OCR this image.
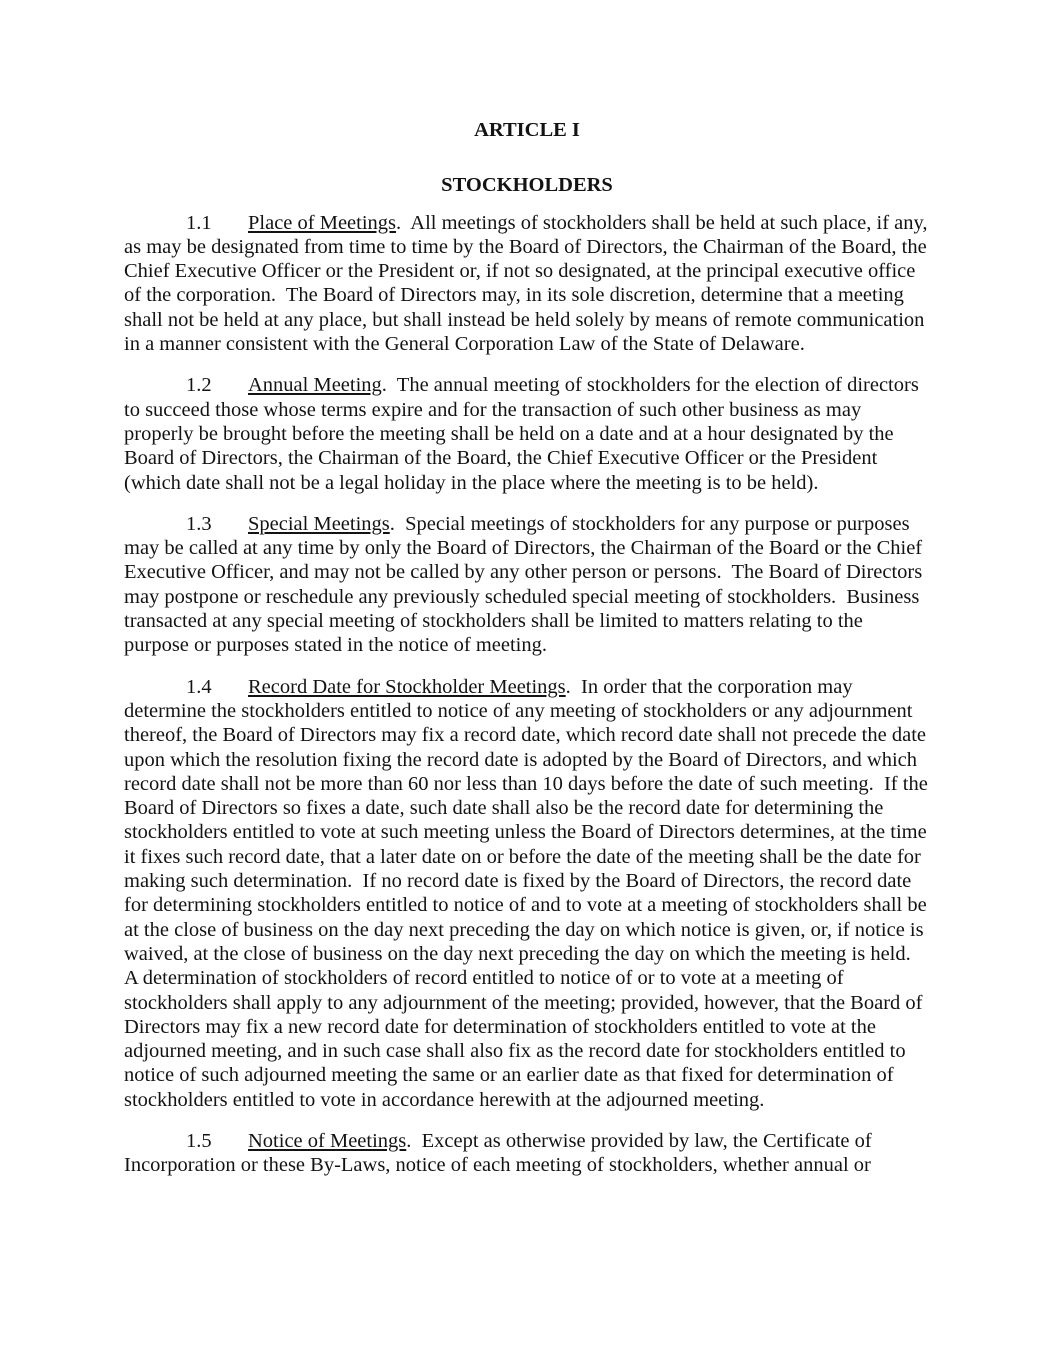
ARTICLE I
STOCKHOLDERS

1.1 Place of Meetings.  All meetings of stockholders shall be held at such place, if any, as may be designated from time to time by the Board of Directors, the Chairman of the Board, the Chief Executive Officer or the President or, if not so designated, at the principal executive office of the corporation.  The Board of Directors may, in its sole discretion, determine that a meeting shall not be held at any place, but shall instead be held solely by means of remote communication in a manner consistent with the General Corporation Law of the State of Delaware.

1.2 Annual Meeting.  The annual meeting of stockholders for the election of directors to succeed those whose terms expire and for the transaction of such other business as may properly be brought before the meeting shall be held on a date and at a hour designated by the Board of Directors, the Chairman of the Board, the Chief Executive Officer or the President (which date shall not be a legal holiday in the place where the meeting is to be held).

1.3 Special Meetings.  Special meetings of stockholders for any purpose or purposes may be called at any time by only the Board of Directors, the Chairman of the Board or the Chief Executive Officer, and may not be called by any other person or persons.  The Board of Directors may postpone or reschedule any previously scheduled special meeting of stockholders.  Business transacted at any special meeting of stockholders shall be limited to matters relating to the purpose or purposes stated in the notice of meeting.

1.4 Record Date for Stockholder Meetings.  In order that the corporation may determine the stockholders entitled to notice of any meeting of stockholders or any adjournment thereof, the Board of Directors may fix a record date, which record date shall not precede the date upon which the resolution fixing the record date is adopted by the Board of Directors, and which record date shall not be more than 60 nor less than 10 days before the date of such meeting.  If the Board of Directors so fixes a date, such date shall also be the record date for determining the stockholders entitled to vote at such meeting unless the Board of Directors determines, at the time it fixes such record date, that a later date on or before the date of the meeting shall be the date for making such determination.  If no record date is fixed by the Board of Directors, the record date for determining stockholders entitled to notice of and to vote at a meeting of stockholders shall be at the close of business on the day next preceding the day on which notice is given, or, if notice is waived, at the close of business on the day next preceding the day on which the meeting is held.  A determination of stockholders of record entitled to notice of or to vote at a meeting of stockholders shall apply to any adjournment of the meeting; provided, however, that the Board of Directors may fix a new record date for determination of stockholders entitled to vote at the adjourned meeting, and in such case shall also fix as the record date for stockholders entitled to notice of such adjourned meeting the same or an earlier date as that fixed for determination of stockholders entitled to vote in accordance herewith at the adjourned meeting.

1.5 Notice of Meetings.  Except as otherwise provided by law, the Certificate of Incorporation or these By-Laws, notice of each meeting of stockholders, whether annual or
